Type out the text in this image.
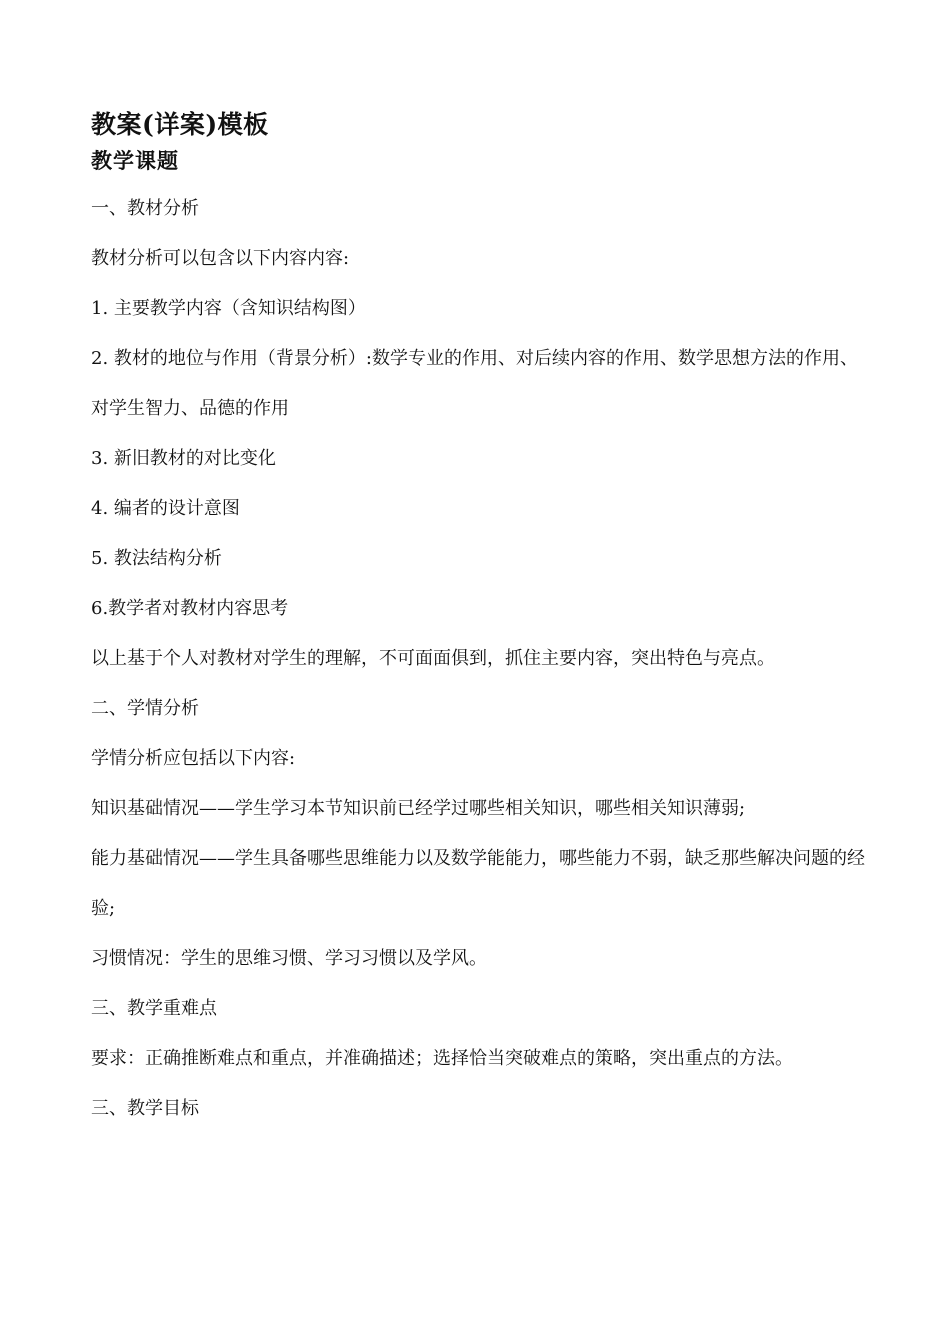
教案(详案)模板
教学课题

一、教材分析

教材分析可以包含以下内容内容:

1. 主要教学内容（含知识结构图）

2. 教材的地位与作用（背景分析）:数学专业的作用、对后续内容的作用、数学思想方法的作用、对学生智力、品德的作用

3. 新旧教材的对比变化

4. 编者的设计意图

5. 教法结构分析

6.教学者对教材内容思考

以上基于个人对教材对学生的理解，不可面面俱到，抓住主要内容，突出特色与亮点。

二、学情分析

学情分析应包括以下内容:

知识基础情况——学生学习本节知识前已经学过哪些相关知识，哪些相关知识薄弱;

能力基础情况——学生具备哪些思维能力以及数学能能力，哪些能力不弱，缺乏那些解决问题的经验;

习惯情况：学生的思维习惯、学习习惯以及学风。

三、教学重难点

要求：正确推断难点和重点，并准确描述；选择恰当突破难点的策略，突出重点的方法。

三、教学目标
